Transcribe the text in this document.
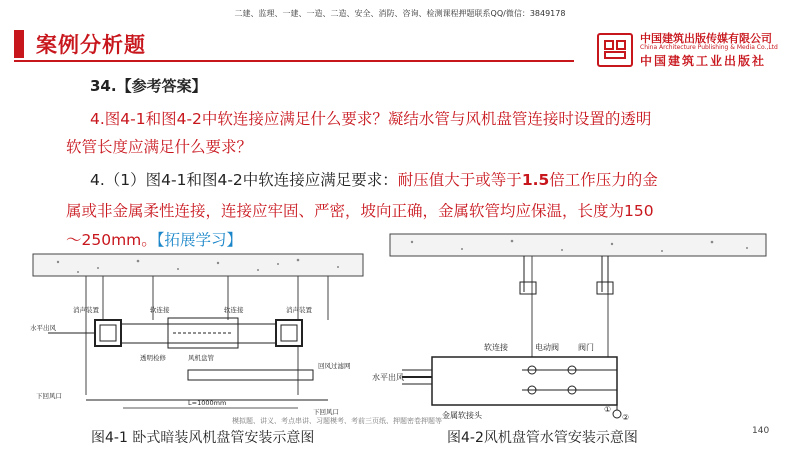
二建、监理、一建、一造、二造、安全、消防、咨询、检测课程押题联系QQ/微信：3849178
案例分析题	中国建筑出版传媒有限公司
China Architecture Publishing & Media Co.,Ltd
中国建筑工业出版社
34.【参考答案】
4.图4-1和图4-2中软连接应满足什么要求？凝结水管与风机盘管连接时设置的透明
软管长度应满足什么要求？
4.（1）图4-1和图4-2中软连接应满足要求：耐压值大于或等于1.5倍工作压力的金
属或非金属柔性连接，连接应牢固、严密，坡向正确，金属软管均应保温，长度为150
～250mm。【拓展学习】
消声装置	消声装置
软连接	软连接
水平出风
透明检修	风机盘管
回风过滤网
下回风口
L=1000mm
下回风口
图4-1 卧式暗装风机盘管安装示意图
软连接	电动阀 阀门
水平出风
金属软接头
①
②
图4-2风机盘管水管安装示意图
模拟题、讲义、考点串讲、习题模考、考前三页纸、押题密卷押题等
140
